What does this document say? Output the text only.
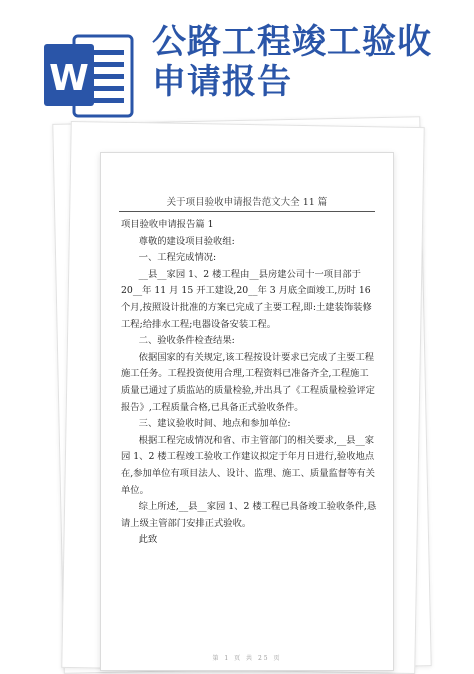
W
公路工程竣工验收
申请报告
关于项目验收申请报告范文大全 11 篇

项目验收申请报告篇 1

尊敬的建设项目验收组:

一、工程完成情况:

__县__家园 1、2 楼工程由__县房建公司十一项目部于 20__年 11 月 15 开工建设,20__年 3 月底全面竣工,历时 16 个月,按照设计批准的方案已完成了主要工程,即:土建装饰装修工程;给排水工程;电器设备安装工程。

二、验收条件检查结果:

依据国家的有关规定,该工程按设计要求已完成了主要工程施工任务。工程投资使用合理,工程资料已准备齐全,工程施工质量已通过了质监站的质量检验,并出具了《工程质量检验评定报告》,工程质量合格,已具备正式验收条件。

三、建议验收时间、地点和参加单位:

根据工程完成情况和省、市主管部门的相关要求,__县__家园 1、2 楼工程竣工验收工作建议拟定于年月日进行,验收地点在,参加单位有项目法人、设计、监理、施工、质量监督等有关单位。

综上所述,__县__家园 1、2 楼工程已具备竣工验收条件,恳请上级主管部门安排正式验收。

此致

第 1 页 共 25 页
